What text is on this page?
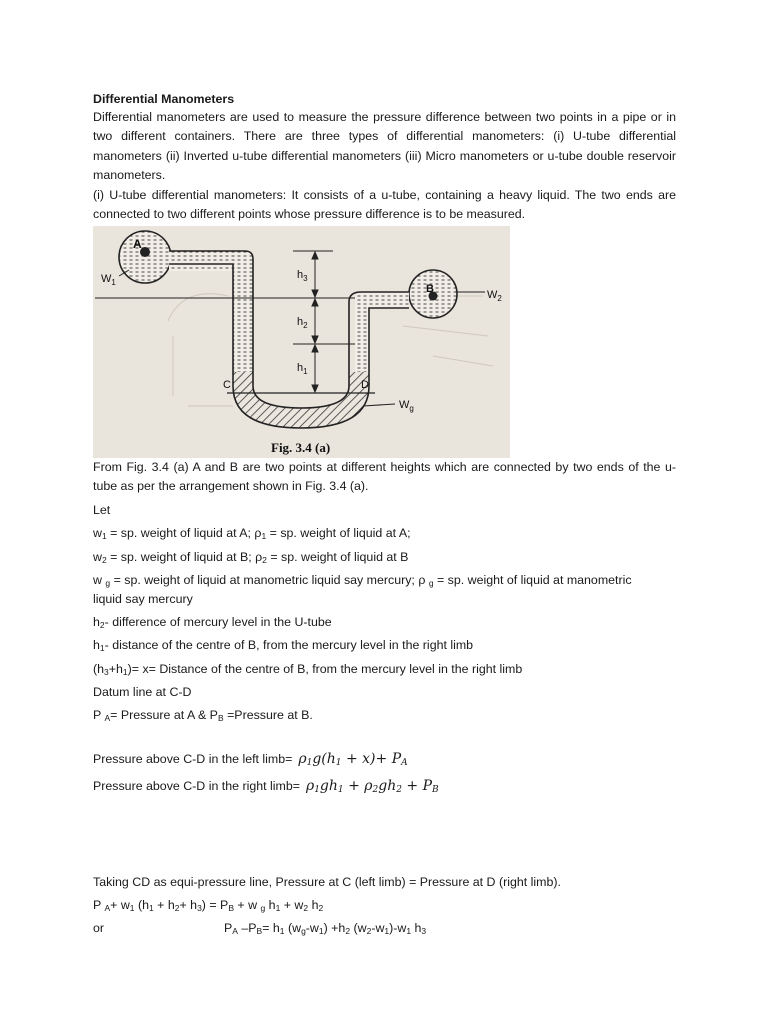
Differential Manometers

Differential manometers are used to measure the pressure difference between two points in a pipe or in two different containers. There are three types of differential manometers: (i) U-tube differential manometers (ii) Inverted u-tube differential manometers (iii) Micro manometers or u-tube double reservoir manometers.

(i) U-tube differential manometers: It consists of a u-tube, containing a heavy liquid. The two ends are connected to two different points whose pressure difference is to be measured.

A
B
$h_3$
$h_2$
$h_1$
C	D
$W_1$
$W_2$
$W_g$
Fig. 3.4 (a)

From Fig. 3.4 (a) A and B are two points at different heights which are connected by two ends of the u-tube as per the arrangement shown in Fig. 3.4 (a).

Let
$w_1$ = sp. weight of liquid at A; $\rho_1$ = sp. weight of liquid at A;
$w_2$ = sp. weight of liquid at B; $\rho_2$ = sp. weight of liquid at B
w $_g$ = sp. weight of liquid at manometric liquid say mercury; ρ $_g$ = sp. weight of liquid at manometric
liquid say mercury
$h_2-$ difference of mercury level in the U-tube
$h_1-$ distance of the centre of B, from the mercury level in the right limb
$(h_3+h_1)= x=$ Distance of the centre of B, from the mercury level in the right limb
Datum line at C-D
P $_A$= Pressure at A & $P_B$ =Pressure at B.
Pressure above C-D in the left $\lim b= \rho_1g(h_1 + x)+ P_A$
Pressure above C-D in the right $\lim b= \rho_1gh_1 + \rho_2gh_2 + P_B$
Taking CD as equi-pressure line, Pressure at C (left limb) = Pressure at D (right limb).
P $_A+ w_1$ $(h_1 + h_2+ h_3) = P_B + w$ $_g$ $h_1 + w_2$ $h_2$
or	$P_A$ $-P_B= h_1$ $(w_g-w_1) +h_2$ $(w_2-w_1)-w_1$ $h_3$
